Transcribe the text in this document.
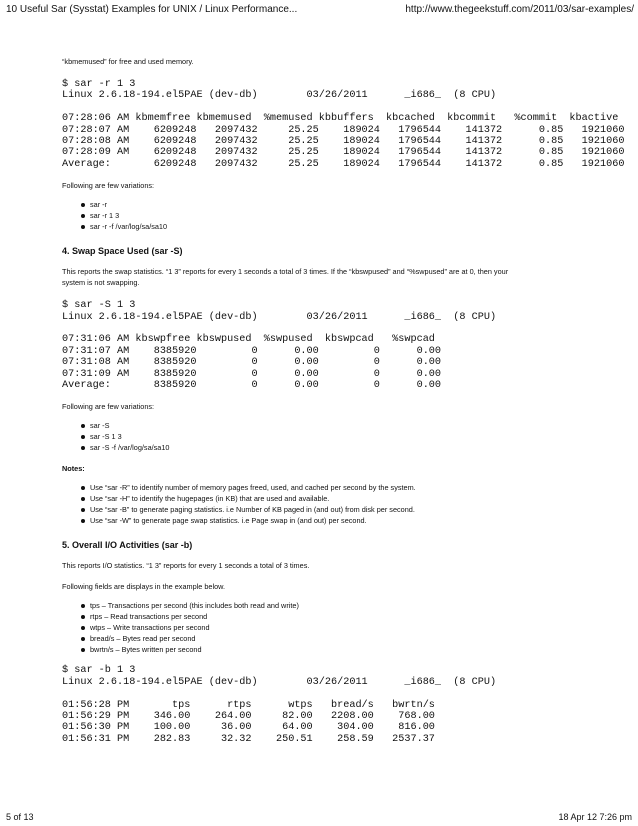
10 Useful Sar (Sysstat) Examples for UNIX / Linux Performance...	http://www.thegeekstuff.com/2011/03/sar-examples/

“kbmemused” for free and used memory.

$ sar -r 1 3
Linux 2.6.18-194.el5PAE (dev-db)        03/26/2011      _i686_  (8 CPU)
07:28:06 AM kbmemfree kbmemused  %memused kbbuffers  kbcached  kbcommit   %commit  kbactive
07:28:07 AM    6209248   2097432     25.25    189024   1796544    141372      0.85   1921060
07:28:08 AM    6209248   2097432     25.25    189024   1796544    141372      0.85   1921060
07:28:09 AM    6209248   2097432     25.25    189024   1796544    141372      0.85   1921060
Average:       6209248   2097432     25.25    189024   1796544    141372      0.85   1921060

Following are few variations:

sar -r
sar -r 1 3
sar -r -f /var/log/sa/sa10

4. Swap Space Used (sar -S)

This reports the swap statistics. “1 3” reports for every 1 seconds a total of 3 times. If the “kbswpused” and “%swpused” are at 0, then your
system is not swapping.

$ sar -S 1 3
Linux 2.6.18-194.el5PAE (dev-db)        03/26/2011      _i686_  (8 CPU)
07:31:06 AM kbswpfree kbswpused  %swpused  kbswpcad   %swpcad
07:31:07 AM    8385920         0      0.00         0      0.00
07:31:08 AM    8385920         0      0.00         0      0.00
07:31:09 AM    8385920         0      0.00         0      0.00
Average:       8385920         0      0.00         0      0.00

Following are few variations:

sar -S
sar -S 1 3
sar -S -f /var/log/sa/sa10

Notes:

Use “sar -R” to identify number of memory pages freed, used, and cached per second by the system.
Use “sar -H” to identify the hugepages (in KB) that are used and available.
Use “sar -B” to generate paging statistics. i.e Number of KB paged in (and out) from disk per second.
Use “sar -W” to generate page swap statistics. i.e Page swap in (and out) per second.

5. Overall I/O Activities (sar -b)

This reports I/O statistics. “1 3” reports for every 1 seconds a total of 3 times.

Following fields are displays in the example below.

tps – Transactions per second (this includes both read and write)
rtps – Read transactions per second
wtps – Write transactions per second
bread/s – Bytes read per second
bwrtn/s – Bytes written per second
$ sar -b 1 3
Linux 2.6.18-194.el5PAE (dev-db)        03/26/2011      _i686_  (8 CPU)
01:56:28 PM       tps      rtps      wtps   bread/s   bwrtn/s
01:56:29 PM    346.00    264.00     82.00   2208.00    768.00
01:56:30 PM    100.00     36.00     64.00    304.00    816.00
01:56:31 PM    282.83     32.32    250.51    258.59   2537.37
5 of 13	18 Apr 12 7:26 pm
